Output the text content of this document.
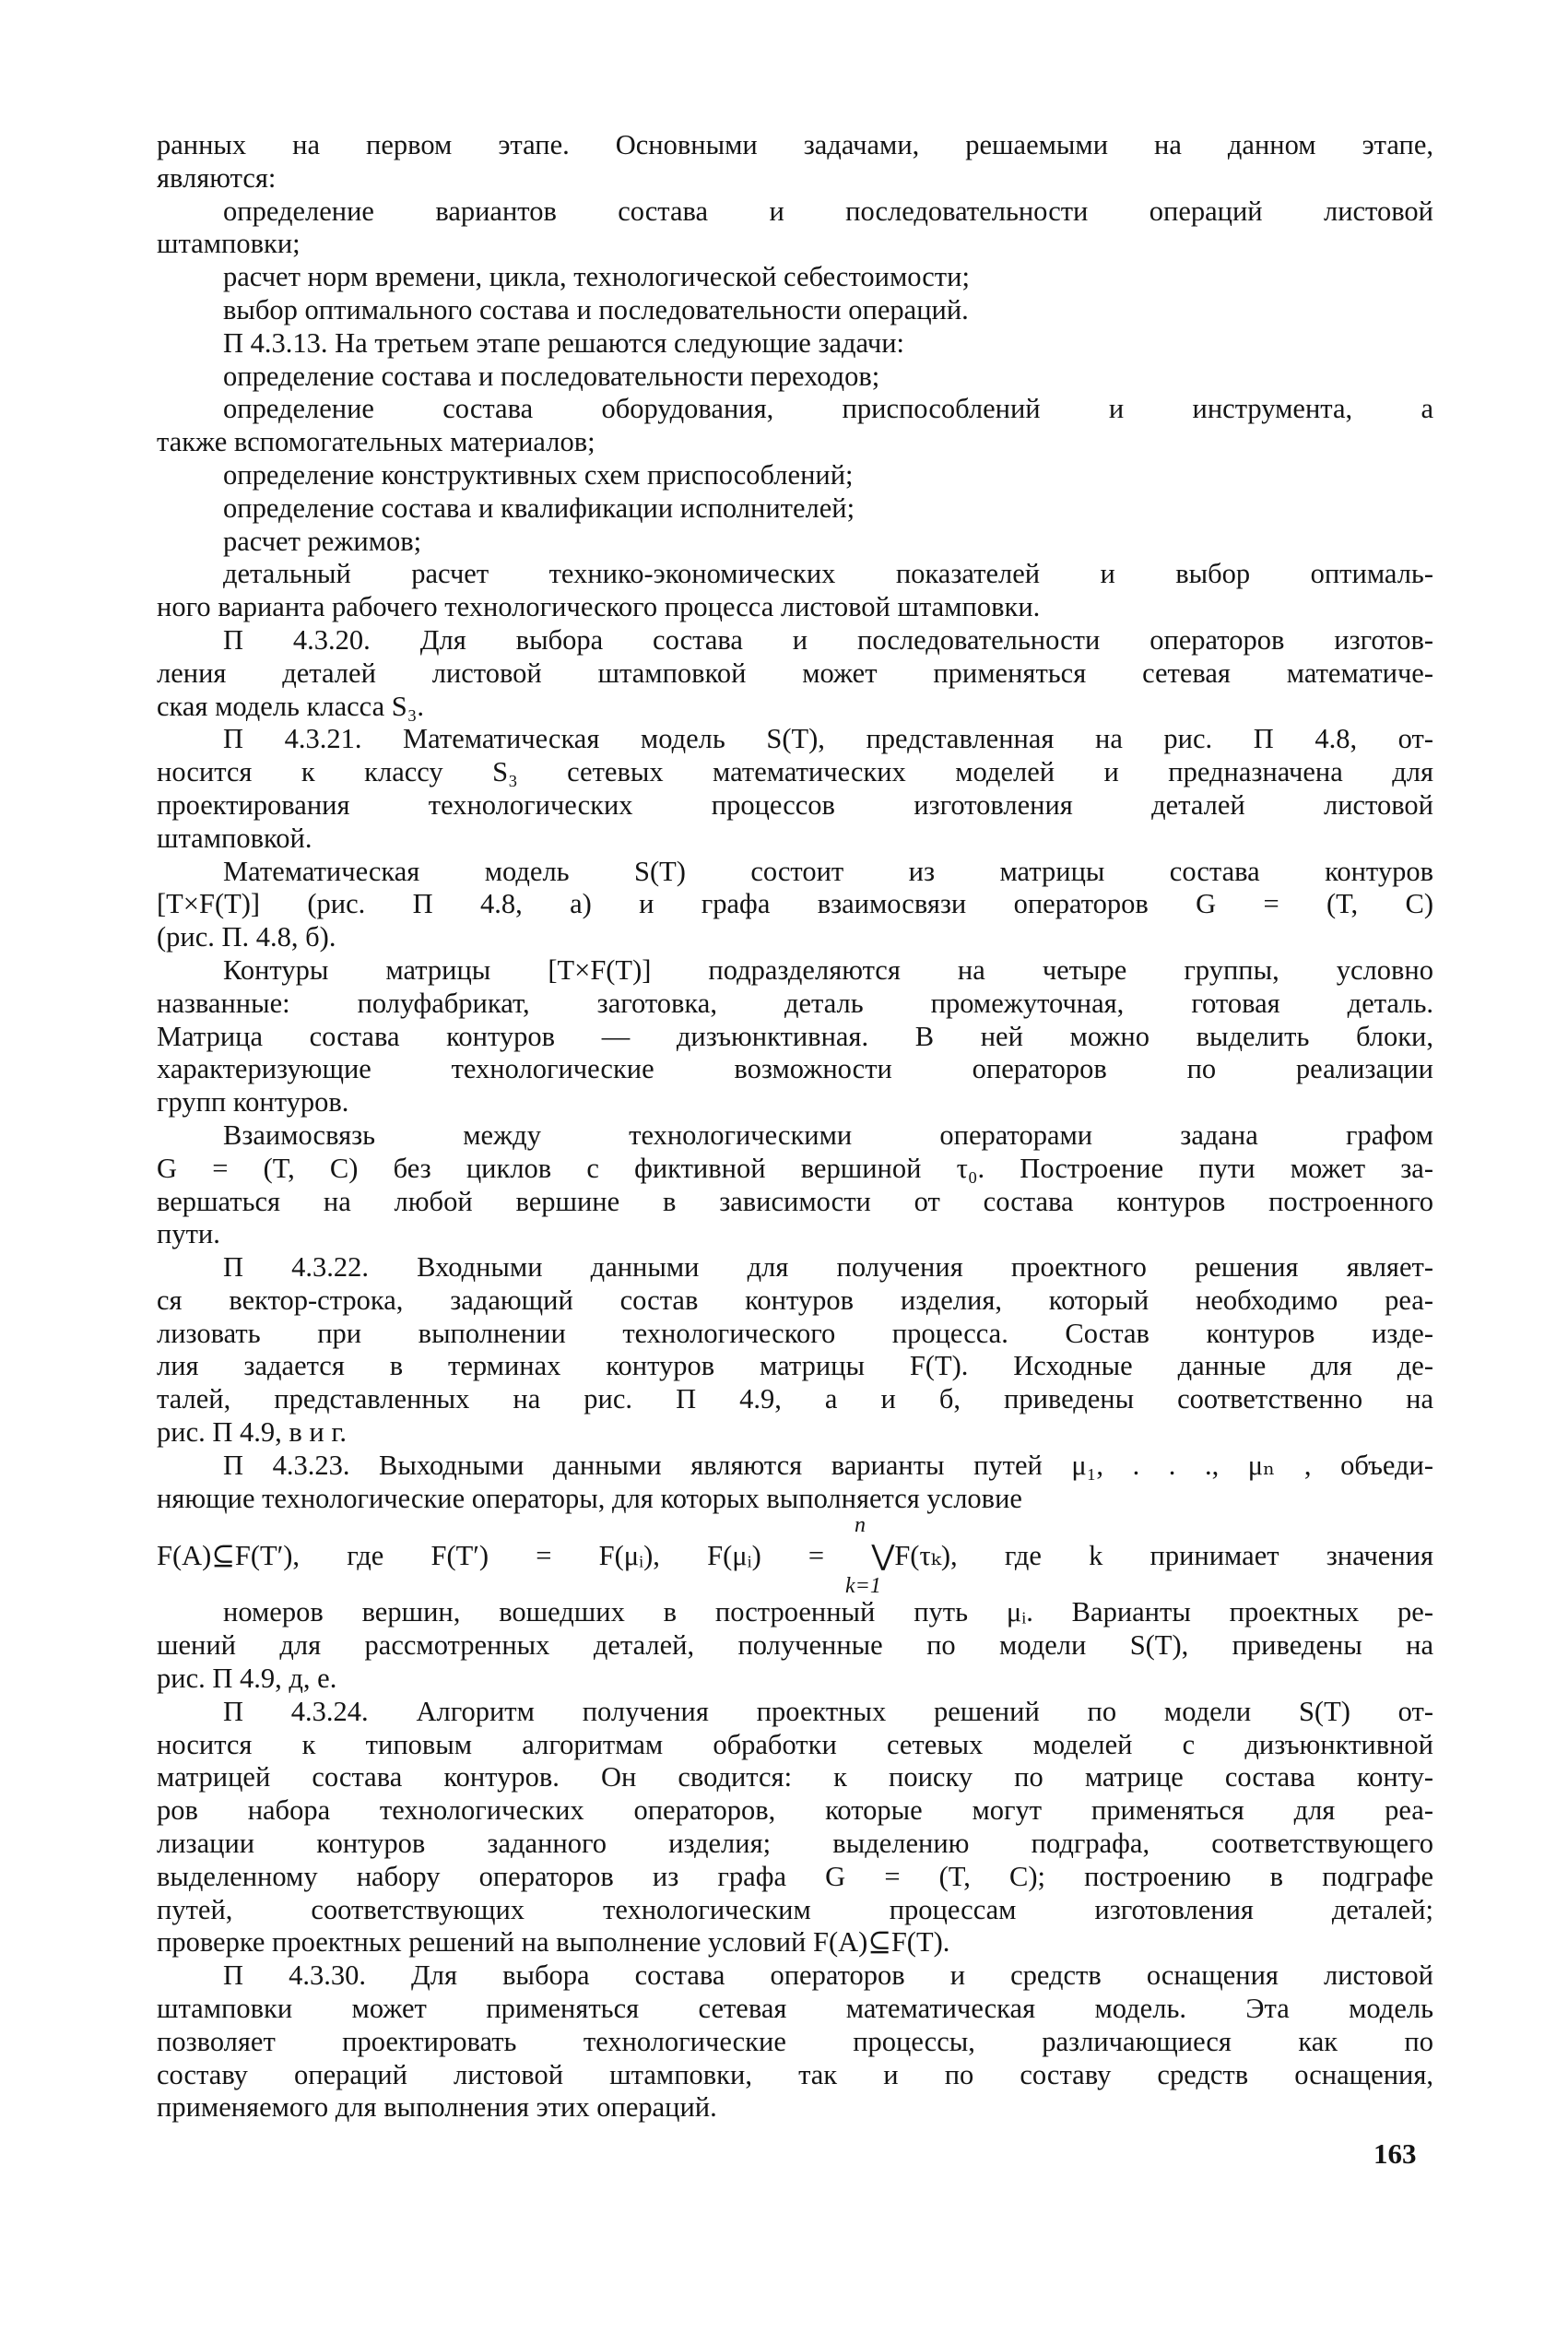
ранных на первом этапе. Основными задачами, решаемыми на данном этапе,
являются:
определение вариантов состава и последовательности операций листовой
штамповки;
расчет норм времени, цикла, технологической себестоимости;
выбор оптимального состава и последовательности операций.
П 4.3.13. На третьем этапе решаются следующие задачи:
определение состава и последовательности переходов;
определение состава оборудования, приспособлений и инструмента, а
также вспомогательных материалов;
определение конструктивных схем приспособлений;
определение состава и квалификации исполнителей;
расчет режимов;
детальный расчет технико-экономических показателей и выбор оптималь-
ного варианта рабочего технологического процесса листовой штамповки.
П 4.3.20. Для выбора состава и последовательности операторов изготов-
ления деталей листовой штамповкой может применяться сетевая математиче-
ская модель класса S₃.
П 4.3.21. Математическая модель S(T), представленная на рис. П 4.8, от-
носится к классу S₃ сетевых математических моделей и предназначена для
проектирования технологических процессов изготовления деталей листовой
штамповкой.
Математическая модель S(T) состоит из матрицы состава контуров
[T×F(T)] (рис. П 4.8, а) и графа взаимосвязи операторов G = (T, C)
(рис. П. 4.8, б).
Контуры матрицы [T×F(T)] подразделяются на четыре группы, условно
названные: полуфабрикат, заготовка, деталь промежуточная, готовая деталь.
Матрица состава контуров — дизъюнктивная. В ней можно выделить блоки,
характеризующие технологические возможности операторов по реализации
групп контуров.
Взаимосвязь между технологическими операторами задана графом
G = (T, C) без циклов с фиктивной вершиной τ₀. Построение пути может за-
вершаться на любой вершине в зависимости от состава контуров построенного
пути.
П 4.3.22. Входными данными для получения проектного решения являет-
ся вектор-строка, задающий состав контуров изделия, который необходимо реа-
лизовать при выполнении технологического процесса. Состав контуров изде-
лия задается в терминах контуров матрицы F(T). Исходные данные для де-
талей, представленных на рис. П 4.9, а и б, приведены соответственно на
рис. П 4.9, в и г.
П 4.3.23. Выходными данными являются варианты путей μ₁, . . ., μₙ , объеди-
няющие технологические операторы, для которых выполняется условие
n
F(A)⊆F(T′), где F(T′) = F(μᵢ), F(μᵢ) = ⋁F(τₖ), где k принимает значения
k=1
номеров вершин, вошедших в построенный путь μᵢ. Варианты проектных ре-
шений для рассмотренных деталей, полученные по модели S(T), приведены на
рис. П 4.9, д, е.
П 4.3.24. Алгоритм получения проектных решений по модели S(T) от-
носится к типовым алгоритмам обработки сетевых моделей с дизъюнктивной
матрицей состава контуров. Он сводится: к поиску по матрице состава конту-
ров набора технологических операторов, которые могут применяться для реа-
лизации контуров заданного изделия; выделению подграфа, соответствующего
выделенному набору операторов из графа G = (T, C); построению в подграфе
путей, соответствующих технологическим процессам изготовления деталей;
проверке проектных решений на выполнение условий F(A)⊆F(T).
П 4.3.30. Для выбора состава операторов и средств оснащения листовой
штамповки может применяться сетевая математическая модель. Эта модель
позволяет проектировать технологические процессы, различающиеся как по
составу операций листовой штамповки, так и по составу средств оснащения,
применяемого для выполнения этих операций.
163
